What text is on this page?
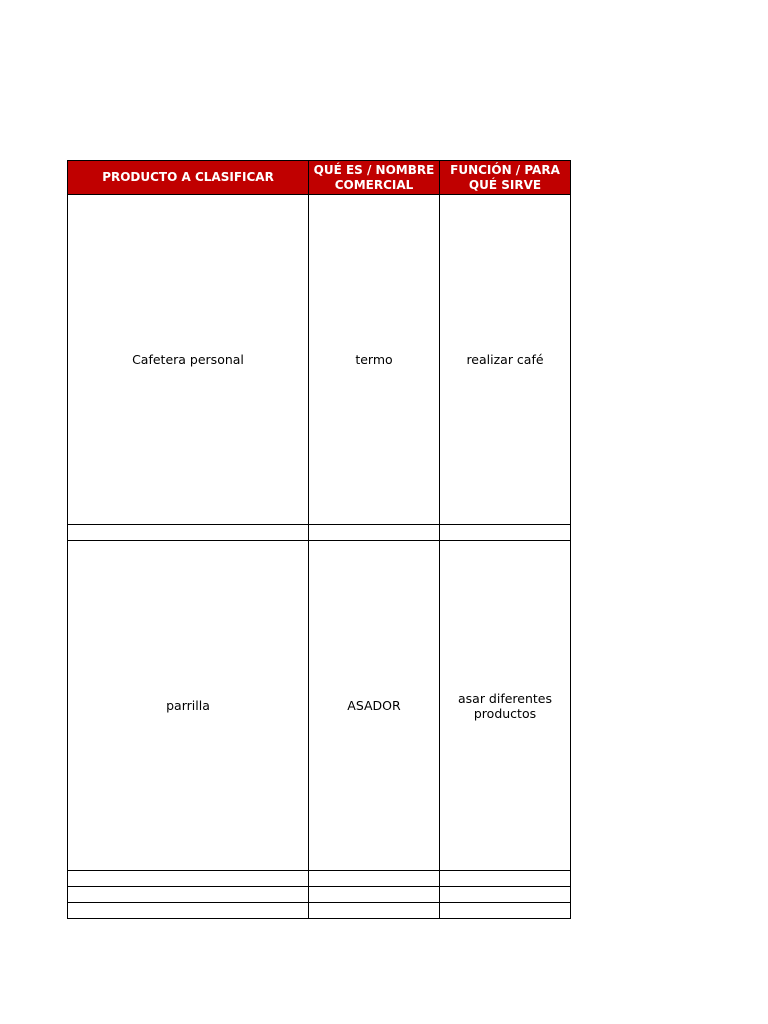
PRODUCTO A CLASIFICAR	QUÉ ES / NOMBRE COMERCIAL	FUNCIÓN / PARA QUÉ SIRVE
Cafetera personal	termo	realizar café

parrilla	ASADOR	asar diferentes productos
